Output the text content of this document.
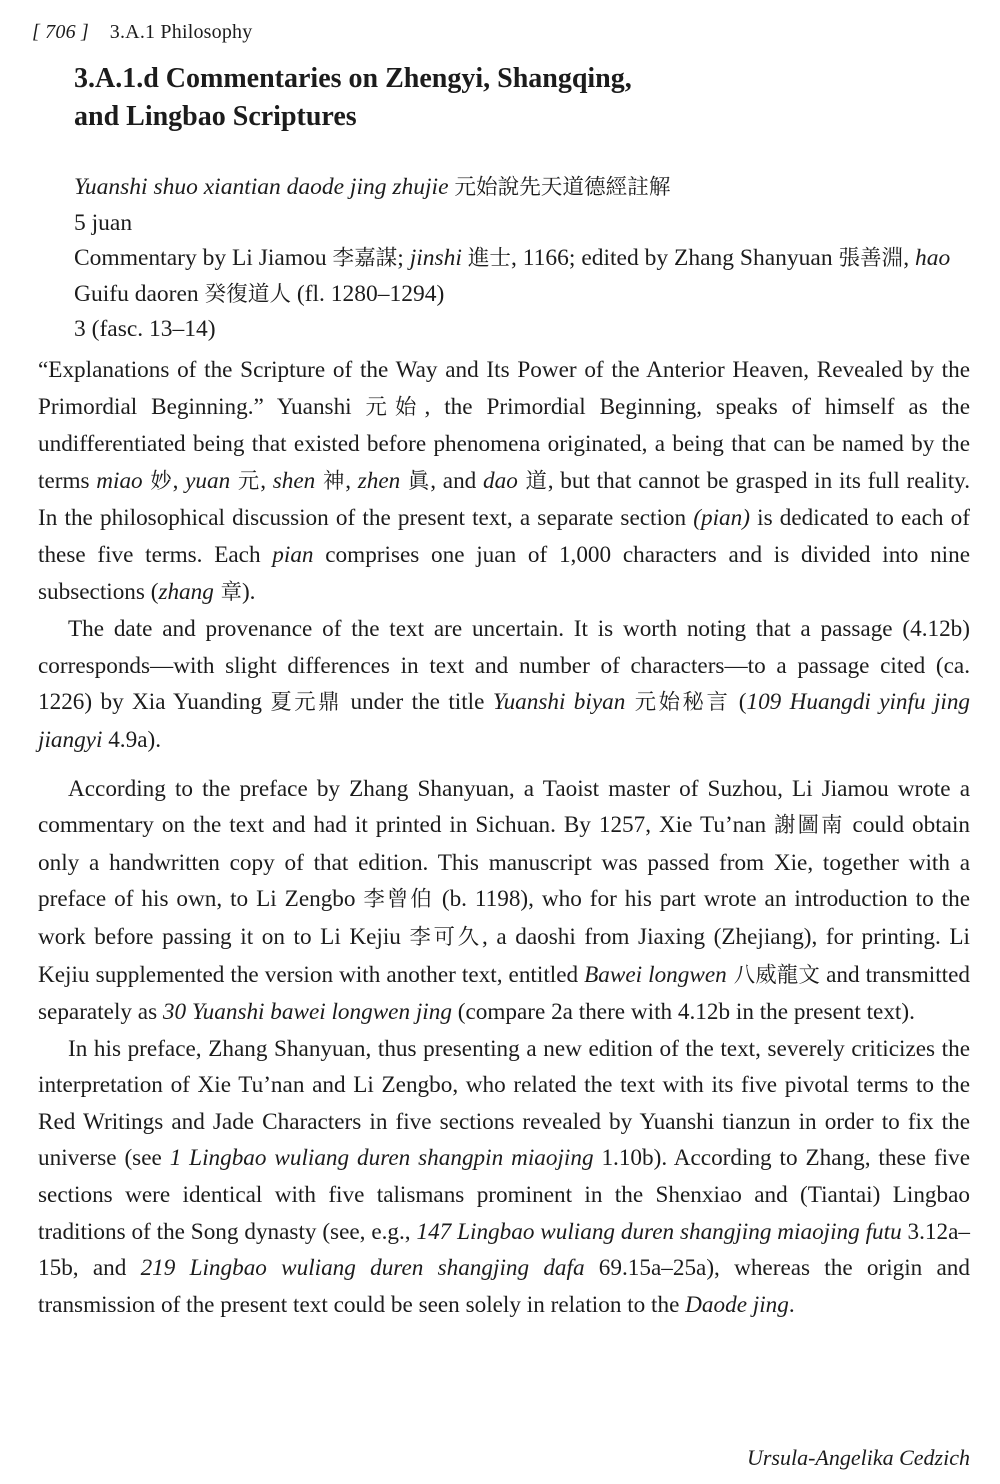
[ 706 ] 3.A.1 Philosophy
3.A.1.d Commentaries on Zhengyi, Shangqing,
and Lingbao Scriptures
Yuanshi shuo xiantian daode jing zhujie 元始說先天道德經註解
5 juan
Commentary by Li Jiamou 李嘉謀; jinshi 進士, 1166; edited by Zhang Shanyuan 張善淵, hao Guifu daoren 癸復道人 (fl. 1280–1294)
3 (fasc. 13–14)

“Explanations of the Scripture of the Way and Its Power of the Anterior Heaven, Revealed by the Primordial Beginning.” Yuanshi 元始, the Primordial Beginning, speaks of himself as the undifferentiated being that existed before phenomena originated, a being that can be named by the terms miao 妙, yuan 元, shen 神, zhen 眞, and dao 道, but that cannot be grasped in its full reality. In the philosophical discussion of the present text, a separate section (pian) is dedicated to each of these five terms. Each pian comprises one juan of 1,000 characters and is divided into nine subsections (zhang 章).

The date and provenance of the text are uncertain. It is worth noting that a passage (4.12b) corresponds—with slight differences in text and number of characters—to a passage cited (ca. 1226) by Xia Yuanding 夏元鼎 under the title Yuanshi biyan 元始秘言 (109 Huangdi yinfu jing jiangyi 4.9a).

According to the preface by Zhang Shanyuan, a Taoist master of Suzhou, Li Jiamou wrote a commentary on the text and had it printed in Sichuan. By 1257, Xie Tu’nan 謝圖南 could obtain only a handwritten copy of that edition. This manuscript was passed from Xie, together with a preface of his own, to Li Zengbo 李曾伯 (b. 1198), who for his part wrote an introduction to the work before passing it on to Li Kejiu 李可久, a daoshi from Jiaxing (Zhejiang), for printing. Li Kejiu supplemented the version with another text, entitled Bawei longwen 八威龍文 and transmitted separately as 30 Yuanshi bawei longwen jing (compare 2a there with 4.12b in the present text).

In his preface, Zhang Shanyuan, thus presenting a new edition of the text, severely criticizes the interpretation of Xie Tu’nan and Li Zengbo, who related the text with its five pivotal terms to the Red Writings and Jade Characters in five sections revealed by Yuanshi tianzun in order to fix the universe (see 1 Lingbao wuliang duren shangpin miaojing 1.10b). According to Zhang, these five sections were identical with five talismans prominent in the Shenxiao and (Tiantai) Lingbao traditions of the Song dynasty (see, e.g., 147 Lingbao wuliang duren shangjing miaojing futu 3.12a–15b, and 219 Lingbao wuliang duren shangjing dafa 69.15a–25a), whereas the origin and transmission of the present text could be seen solely in relation to the Daode jing.

Ursula-Angelika Cedzich
